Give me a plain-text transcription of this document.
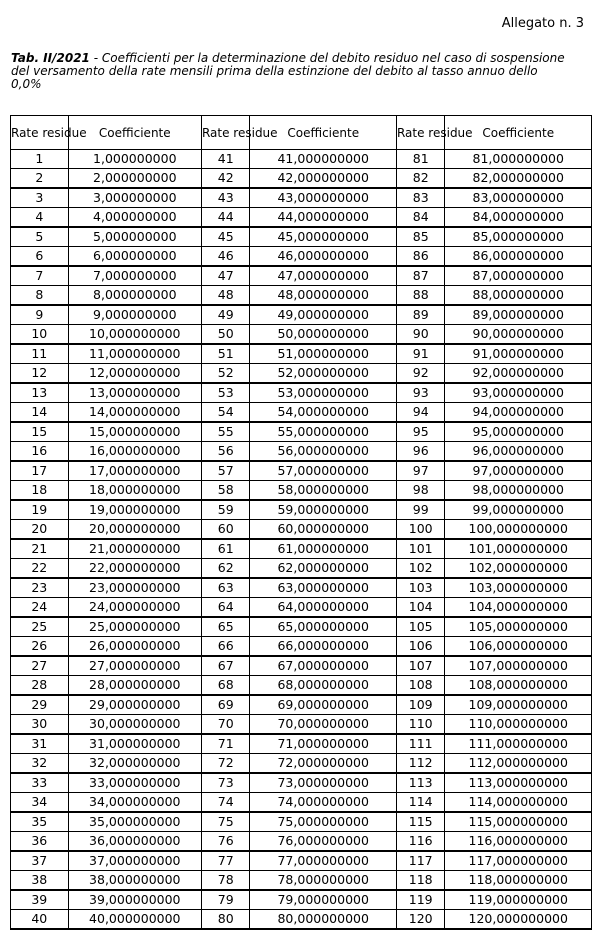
Allegato n. 3
Tab. II/2021 - Coefficienti per la determinazione del debito residuo nel caso di sospensione del versamento della rate mensili prima della estinzione del debito al tasso annuo dello 0,0%
Rate residue	Coefficiente	Rate residue	Coefficiente	Rate residue	Coefficiente
1	1,000000000	41	41,000000000	81	81,000000000
2	2,000000000	42	42,000000000	82	82,000000000
3	3,000000000	43	43,000000000	83	83,000000000
4	4,000000000	44	44,000000000	84	84,000000000
5	5,000000000	45	45,000000000	85	85,000000000
6	6,000000000	46	46,000000000	86	86,000000000
7	7,000000000	47	47,000000000	87	87,000000000
8	8,000000000	48	48,000000000	88	88,000000000
9	9,000000000	49	49,000000000	89	89,000000000
10	10,000000000	50	50,000000000	90	90,000000000
11	11,000000000	51	51,000000000	91	91,000000000
12	12,000000000	52	52,000000000	92	92,000000000
13	13,000000000	53	53,000000000	93	93,000000000
14	14,000000000	54	54,000000000	94	94,000000000
15	15,000000000	55	55,000000000	95	95,000000000
16	16,000000000	56	56,000000000	96	96,000000000
17	17,000000000	57	57,000000000	97	97,000000000
18	18,000000000	58	58,000000000	98	98,000000000
19	19,000000000	59	59,000000000	99	99,000000000
20	20,000000000	60	60,000000000	100	100,000000000
21	21,000000000	61	61,000000000	101	101,000000000
22	22,000000000	62	62,000000000	102	102,000000000
23	23,000000000	63	63,000000000	103	103,000000000
24	24,000000000	64	64,000000000	104	104,000000000
25	25,000000000	65	65,000000000	105	105,000000000
26	26,000000000	66	66,000000000	106	106,000000000
27	27,000000000	67	67,000000000	107	107,000000000
28	28,000000000	68	68,000000000	108	108,000000000
29	29,000000000	69	69,000000000	109	109,000000000
30	30,000000000	70	70,000000000	110	110,000000000
31	31,000000000	71	71,000000000	111	111,000000000
32	32,000000000	72	72,000000000	112	112,000000000
33	33,000000000	73	73,000000000	113	113,000000000
34	34,000000000	74	74,000000000	114	114,000000000
35	35,000000000	75	75,000000000	115	115,000000000
36	36,000000000	76	76,000000000	116	116,000000000
37	37,000000000	77	77,000000000	117	117,000000000
38	38,000000000	78	78,000000000	118	118,000000000
39	39,000000000	79	79,000000000	119	119,000000000
40	40,000000000	80	80,000000000	120	120,000000000
